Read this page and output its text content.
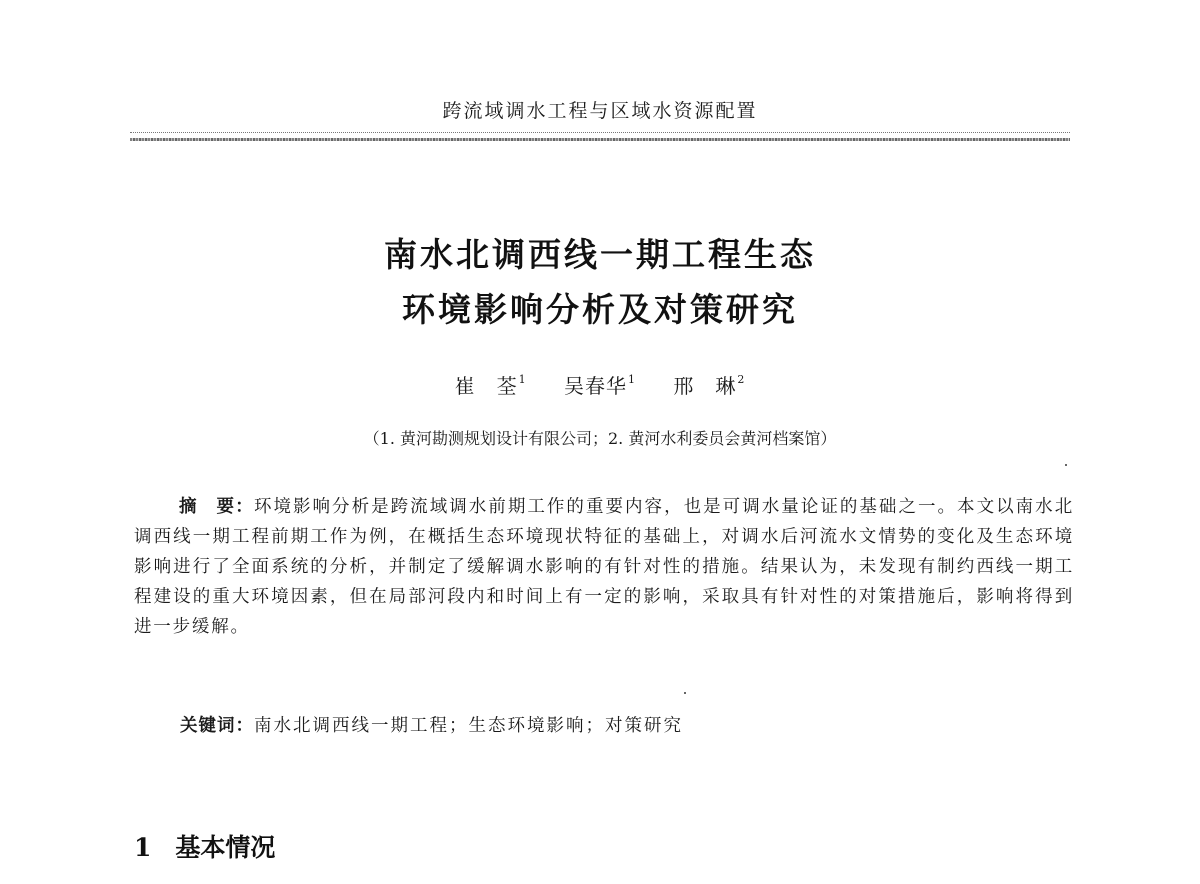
跨流域调水工程与区域水资源配置
南水北调西线一期工程生态
环境影响分析及对策研究
崔　荃$^1$ 吴春华$^1$ 邢　琳$^2$
（1. 黄河勘测规划设计有限公司；2. 黄河水利委员会黄河档案馆）
摘　要：环境影响分析是跨流域调水前期工作的重要内容，也是可调水量论证的基础之一。本文以南水北调西线一期工程前期工作为例，在概括生态环境现状特征的基础上，对调水后河流水文情势的变化及生态环境影响进行了全面系统的分析，并制定了缓解调水影响的有针对性的措施。结果认为，未发现有制约西线一期工程建设的重大环境因素，但在局部河段内和时间上有一定的影响，采取具有针对性的对策措施后，影响将得到进一步缓解。
关键词：南水北调西线一期工程；生态环境影响；对策研究
1 基本情况
